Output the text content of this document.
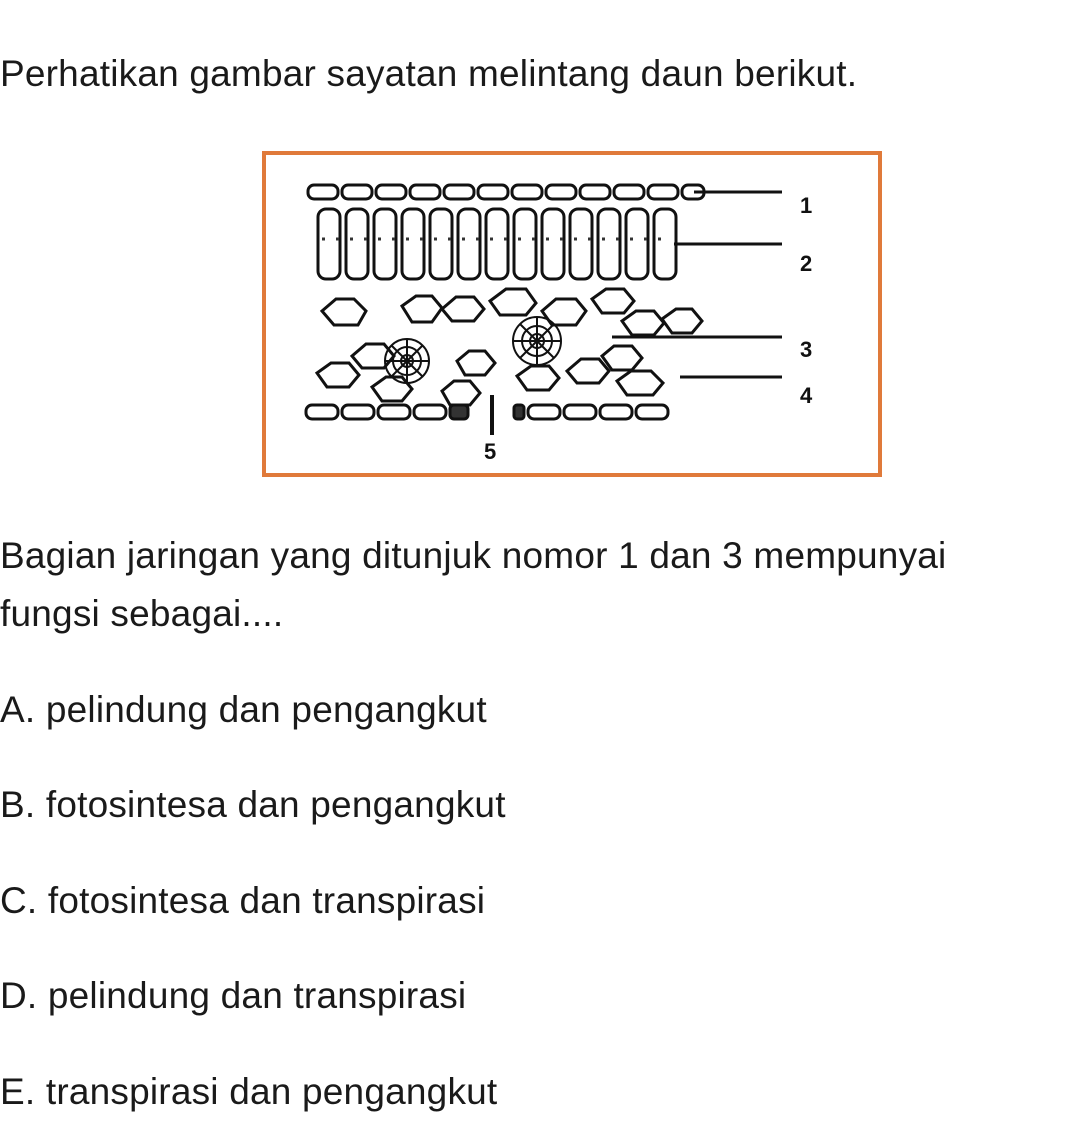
Perhatikan gambar sayatan melintang daun berikut.
1
2
3
4
5
Bagian jaringan yang ditunjuk nomor 1 dan 3 mempunyai
fungsi sebagai....
A. pelindung dan pengangkut
B. fotosintesa dan pengangkut
C. fotosintesa dan transpirasi
D. pelindung dan transpirasi
E. transpirasi dan pengangkut
